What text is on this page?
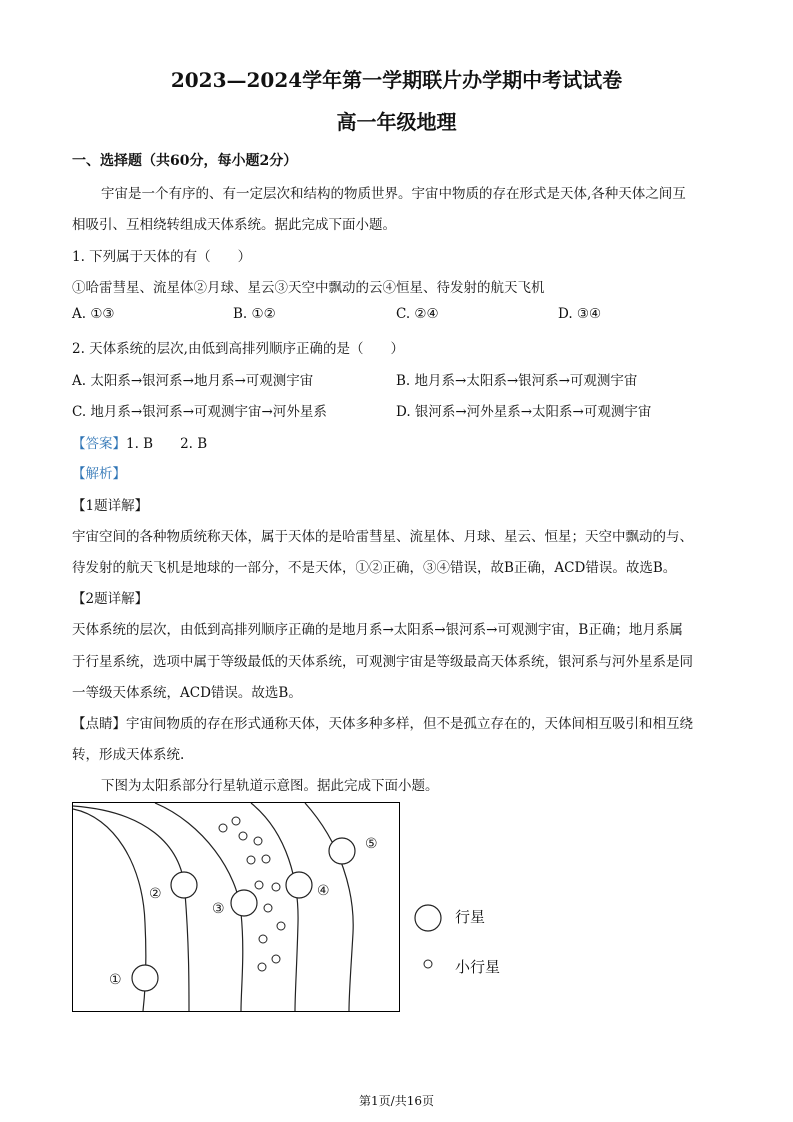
2023—2024学年第一学期联片办学期中考试试卷
高一年级地理
一、选择题（共60分，每小题2分）
宇宙是一个有序的、有一定层次和结构的物质世界。宇宙中物质的存在形式是天体,各种天体之间互
相吸引、互相绕转组成天体系统。据此完成下面小题。
1. 下列属于天体的有（　　）
①哈雷彗星、流星体②月球、星云③天空中飘动的云④恒星、待发射的航天飞机
A. ①③	B. ①②	C. ②④	D. ③④
2. 天体系统的层次,由低到高排列顺序正确的是（　　）
A. 太阳系→银河系→地月系→可观测宇宙	B. 地月系→太阳系→银河系→可观测宇宙
C. 地月系→银河系→可观测宇宙→河外星系	D. 银河系→河外星系→太阳系→可观测宇宙
【答案】1. B　　2. B
【解析】
【1题详解】
宇宙空间的各种物质统称天体，属于天体的是哈雷彗星、流星体、月球、星云、恒星；天空中飘动的与、
待发射的航天飞机是地球的一部分，不是天体，①②正确，③④错误，故B正确，ACD错误。故选B。
【2题详解】
天体系统的层次，由低到高排列顺序正确的是地月系→太阳系→银河系→可观测宇宙，B正确；地月系属
于行星系统，选项中属于等级最低的天体系统，可观测宇宙是等级最高天体系统，银河系与河外星系是同
一等级天体系统，ACD错误。故选B。
【点睛】宇宙间物质的存在形式通称天体，天体多种多样，但不是孤立存在的，天体间相互吸引和相互绕
转，形成天体系统.
下图为太阳系部分行星轨道示意图。据此完成下面小题。
①
②
③
④
⑤
行星
小行星
第1页/共16页
